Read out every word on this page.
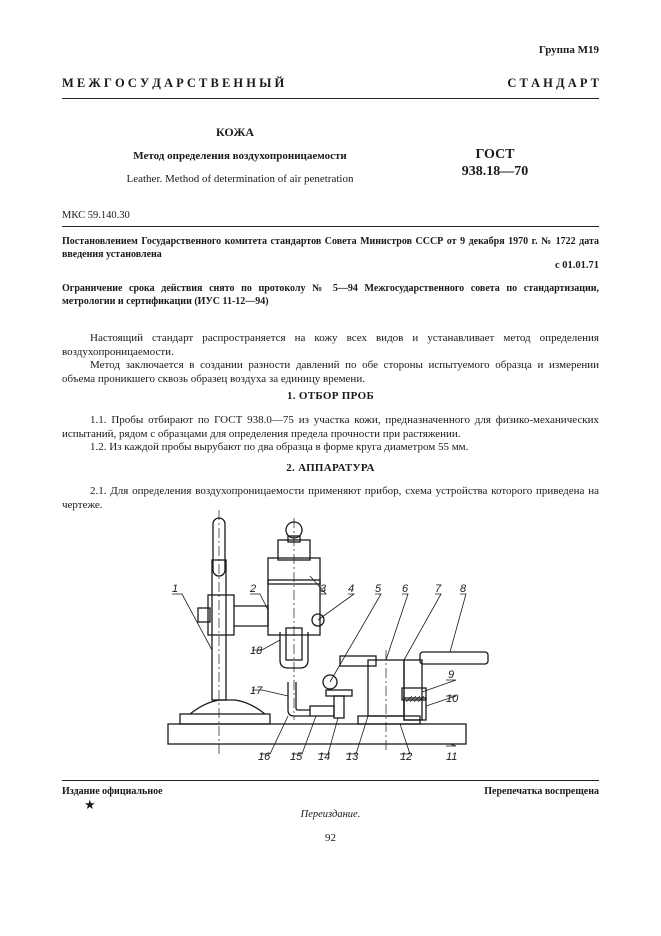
Группа М19
М Е Ж Г О С У Д А Р С Т В Е Н Н Ы Й	С Т А Н Д А Р Т
КОЖА
Метод определения воздухопроницаемости
Leather. Method of determination of air penetration
ГОСТ
938.18—70
МКС 59.140.30
Постановлением Государственного комитета стандартов Совета Министров СССР от 9 декабря 1970 г. № 1722 дата введения установлена
с 01.01.71
Ограничение срока действия снято по протоколу № 5—94 Межгосударственного совета по стандартизации, метрологии и сертификации (ИУС 11-12—94)
Настоящий стандарт распространяется на кожу всех видов и устанавливает метод определения воздухопроницаемости.
Метод заключается в создании разности давлений по обе стороны испытуемого образца и измерении объема проникшего сквозь образец воздуха за единицу времени.
1. ОТБОР ПРОБ
1.1. Пробы отбирают по ГОСТ 938.0—75 из участка кожи, предназначенного для физико-механических испытаний, рядом с образцами для определения предела прочности при растяжении.
1.2. Из каждой пробы вырубают по два образца в форме круга диаметром 55 мм.
2. АППАРАТУРА
2.1. Для определения воздухопроницаемости применяют прибор, схема устройства которого приведена на чертеже.
1	2	3 4 5 6 7 8
9
10
11
12
13
14
15
16
17
18
Издание официальное	Перепечатка воспрещена
★
Переиздание.
92
